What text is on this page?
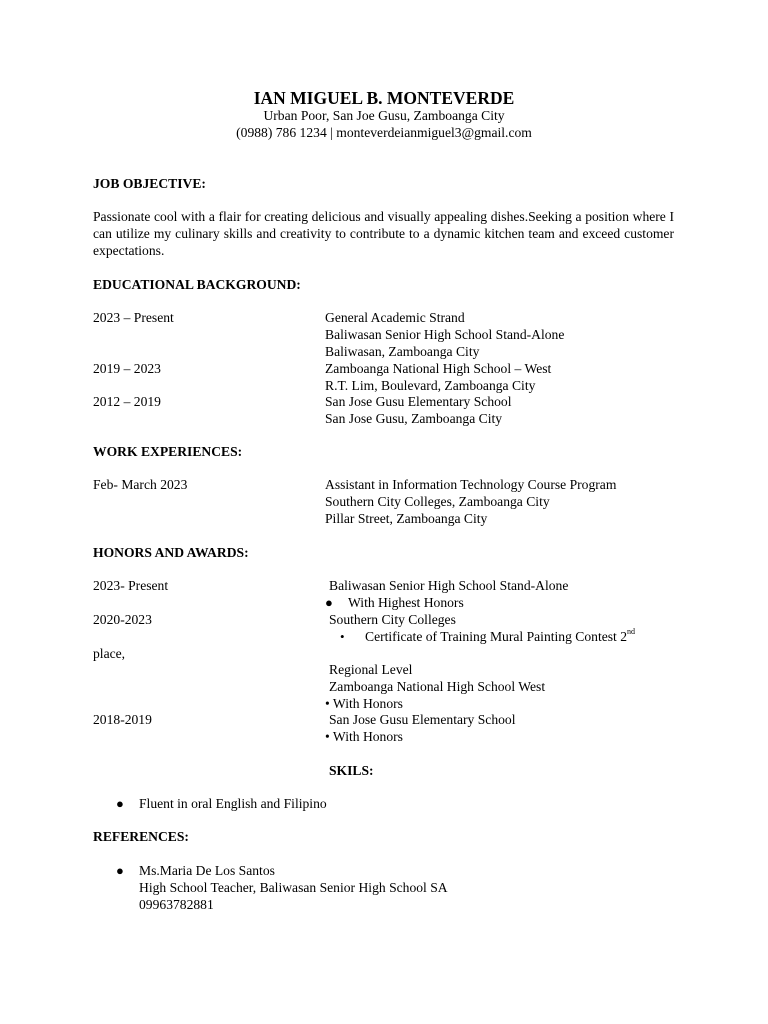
IAN MIGUEL B. MONTEVERDE
Urban Poor, San Joe Gusu, Zamboanga City
(0988) 786 1234 | monteverdeianmiguel3@gmail.com
JOB OBJECTIVE:
Passionate cool with a flair for creating delicious and visually appealing dishes.Seeking a position where I can utilize my culinary skills and creativity to contribute to a dynamic kitchen team and exceed customer expectations.
EDUCATIONAL BACKGROUND:
2023 – Present	General Academic Strand
Baliwasan Senior High School Stand-Alone
Baliwasan, Zamboanga City
2019 – 2023	Zamboanga National High School – West
R.T. Lim, Boulevard, Zamboanga City
2012 – 2019	San Jose Gusu Elementary School
San Jose Gusu, Zamboanga City
WORK EXPERIENCES:
Feb- March 2023	Assistant in Information Technology Course Program
Southern City Colleges, Zamboanga City
Pillar Street, Zamboanga City
HONORS AND AWARDS:
2023- Present	Baliwasan Senior High School Stand-Alone
● With Highest Honors
2020-2023	Southern City Colleges
• Certificate of Training Mural Painting Contest 2nd
place,
Regional Level
Zamboanga National High School West
• With Honors
2018-2019	San Jose Gusu Elementary School
• With Honors
SKILS:
● Fluent in oral English and Filipino
REFERENCES:
● Ms.Maria De Los Santos
High School Teacher, Baliwasan Senior High School SA
09963782881
